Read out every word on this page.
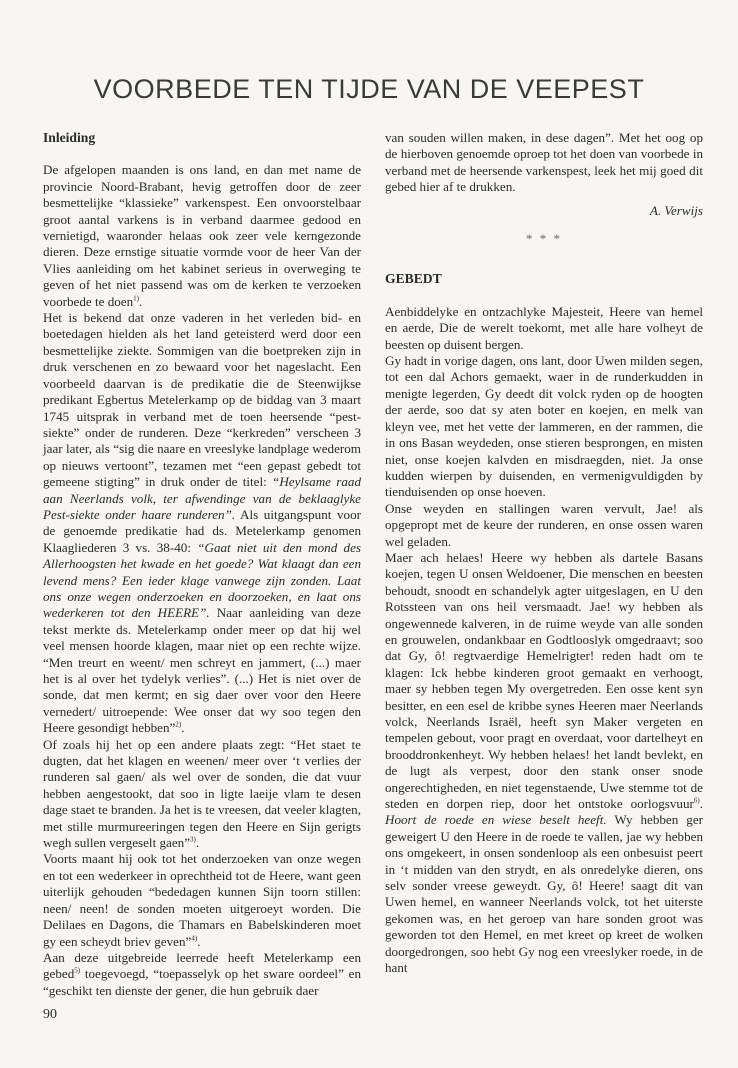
VOORBEDE TEN TIJDE VAN DE VEEPEST
Inleiding

De afgelopen maanden is ons land, en dan met name de provincie Noord-Brabant, hevig getroffen door de zeer besmettelijke “klassieke” varkenspest. Een onvoorstelbaar groot aantal varkens is in verband daarmee gedood en vernietigd, waaronder helaas ook zeer vele kerngezonde dieren. Deze ernstige situatie vormde voor de heer Van der Vlies aanleiding om het kabinet serieus in overweging te geven of het niet passend was om de kerken te verzoeken voorbede te doen$^{1)}$.

Het is bekend dat onze vaderen in het verleden bid- en boetedagen hielden als het land geteisterd werd door een besmettelijke ziekte. Sommigen van die boetpreken zijn in druk verschenen en zo bewaard voor het nageslacht. Een voorbeeld daarvan is de predikatie die de Steenwijkse predikant Egbertus Metelerkamp op de biddag van 3 maart 1745 uitsprak in verband met de toen heersende “pest-siekte” onder de runderen. Deze “kerkreden” verscheen 3 jaar later, als “sig die naare en vreeslyke landplage wederom op nieuws vertoont”, tezamen met “een gepast gebedt tot gemeene stigting” in druk onder de titel: “Heylsame raad aan Neerlands volk, ter afwendinge van de beklaaglyke Pest-siekte onder haare runderen”. Als uitgangspunt voor de genoemde predikatie had ds. Metelerkamp genomen Klaagliederen 3 vs. 38-40: “Gaat niet uit den mond des Allerhoogsten het kwade en het goede? Wat klaagt dan een levend mens? Een ieder klage vanwege zijn zonden. Laat ons onze wegen onderzoeken en doorzoeken, en laat ons wederkeren tot den HEERE”. Naar aanleiding van deze tekst merkte ds. Metelerkamp onder meer op dat hij wel veel mensen hoorde klagen, maar niet op een rechte wijze. “Men treurt en weent/ men schreyt en jammert, (...) maer het is al over het tydelyk verlies”. (...) Het is niet over de sonde, dat men kermt; en sig daer over voor den Heere vernedert/ uitroepende: Wee onser dat wy soo tegen den Heere gesondigt hebben”$^{2)}$.

Of zoals hij het op een andere plaats zegt: “Het staet te dugten, dat het klagen en weenen/ meer over ‘t verlies der runderen sal gaen/ als wel over de sonden, die dat vuur hebben aengestookt, dat soo in ligte laeije vlam te desen dage staet te branden. Ja het is te vreesen, dat veeler klagten, met stille murmureeringen tegen den Heere en Sijn gerigts wegh sullen vergeselt gaen”$^{3)}$.

Voorts maant hij ook tot het onderzoeken van onze wegen en tot een wederkeer in oprechtheid tot de Heere, want geen uiterlijk gehouden “bededagen kunnen Sijn toorn stillen: neen/ neen! de sonden moeten uitgeroeyt worden. Die Delilaes en Dagons, die Thamars en Babelskinderen moet gy een scheydt briev geven”$^{4)}$.

Aan deze uitgebreide leerrede heeft Metelerkamp een gebed$^{5)}$ toegevoegd, “toepasselyk op het sware oordeel” en “geschikt ten dienste der gener, die hun gebruik daer

van souden willen maken, in dese dagen”. Met het oog op de hierboven genoemde oproep tot het doen van voorbede in verband met de heersende varkenspest, leek het mij goed dit gebed hier af te drukken.

A. Verwijs
* * *
GEBEDT

Aenbiddelyke en ontzachlyke Majesteit, Heere van hemel en aerde, Die de werelt toekomt, met alle hare volheyt de beesten op duisent bergen.

Gy hadt in vorige dagen, ons lant, door Uwen milden segen, tot een dal Achors gemaekt, waer in de runderkudden in menigte legerden, Gy deedt dit volck ryden op de hoogten der aerde, soo dat sy aten boter en koejen, en melk van kleyn vee, met het vette der lammeren, en der rammen, die in ons Basan weydeden, onse stieren besprongen, en misten niet, onse koejen kalvden en misdraegden, niet. Ja onse kudden wierpen by duisenden, en vermenigvuldigden by tienduisenden op onse hoeven.

Onse weyden en stallingen waren vervult, Jae! als opgepropt met de keure der runderen, en onse ossen waren wel geladen.

Maer ach helaes! Heere wy hebben als dartele Basans koejen, tegen U onsen Weldoener, Die menschen en beesten behoudt, snoodt en schandelyk agter uitgeslagen, en U den Rotssteen van ons heil versmaadt. Jae! wy hebben als ongewennede kalveren, in de ruime weyde van alle sonden en grouwelen, ondankbaar en Godtlooslyk omgedraavt; soo dat Gy, ô! regtvaerdige Hemelrigter! reden hadt om te klagen: Ick hebbe kinderen groot gemaakt en verhoogt, maer sy hebben tegen My overgetreden. Een osse kent syn besitter, en een esel de kribbe synes Heeren maer Neerlands volck, Neerlands Israël, heeft syn Maker vergeten en tempelen gebout, voor pragt en overdaat, voor dartelheyt en brooddronkenheyt. Wy hebben helaes! het landt bevlekt, en de lugt als verpest, door den stank onser snode ongerechtigheden, en niet tegenstaende, Uwe stemme tot de steden en dorpen riep, door het ontstoke oorlogsvuur$^{6)}$. Hoort de roede en wiese beselt heeft. Wy hebben ger geweigert U den Heere in de roede te vallen, jae wy hebben ons omgekeert, in onsen sondenloop als een onbesuist peert in ‘t midden van den strydt, en als onredelyke dieren, ons selv sonder vreese geweydt. Gy, ô! Heere! saagt dit van Uwen hemel, en wanneer Neerlands volck, tot het uiterste gekomen was, en het geroep van hare sonden groot was geworden tot den Hemel, en met kreet op kreet de wolken doorgedrongen, soo hebt Gy nog een vreeslyker roede, in de hant

90
